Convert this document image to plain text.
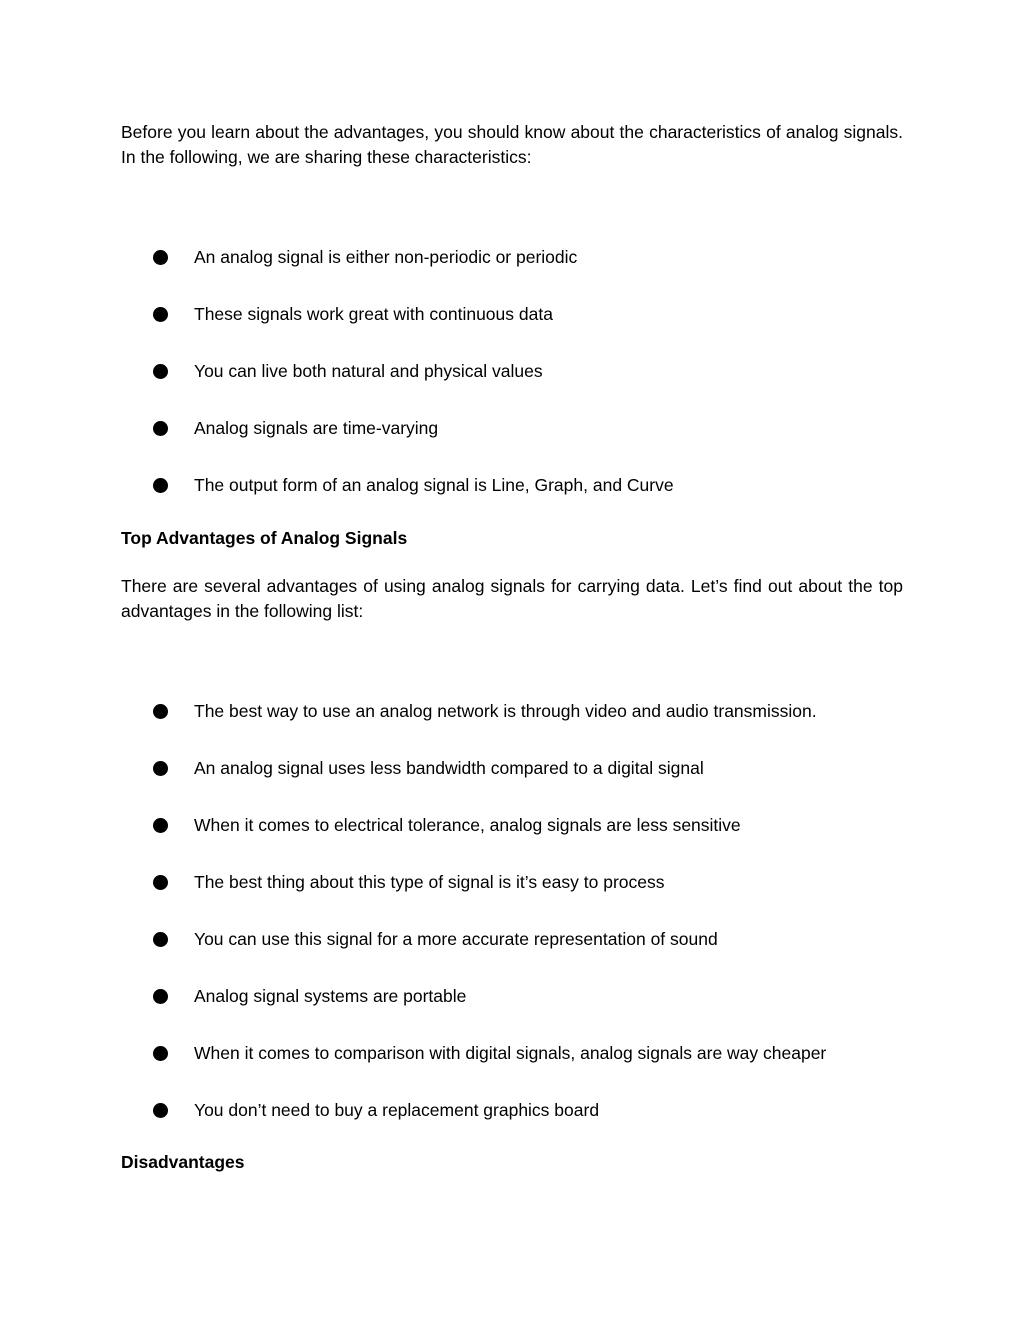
Before you learn about the advantages, you should know about the characteristics of analog signals. In the following, we are sharing these characteristics:

An analog signal is either non-periodic or periodic
These signals work great with continuous data
You can live both natural and physical values
Analog signals are time-varying
The output form of an analog signal is Line, Graph, and Curve
Top Advantages of Analog Signals

There are several advantages of using analog signals for carrying data. Let’s find out about the top advantages in the following list:

The best way to use an analog network is through video and audio transmission.
An analog signal uses less bandwidth compared to a digital signal
When it comes to electrical tolerance, analog signals are less sensitive
The best thing about this type of signal is it’s easy to process
You can use this signal for a more accurate representation of sound
Analog signal systems are portable
When it comes to comparison with digital signals, analog signals are way cheaper
You don’t need to buy a replacement graphics board
Disadvantages
